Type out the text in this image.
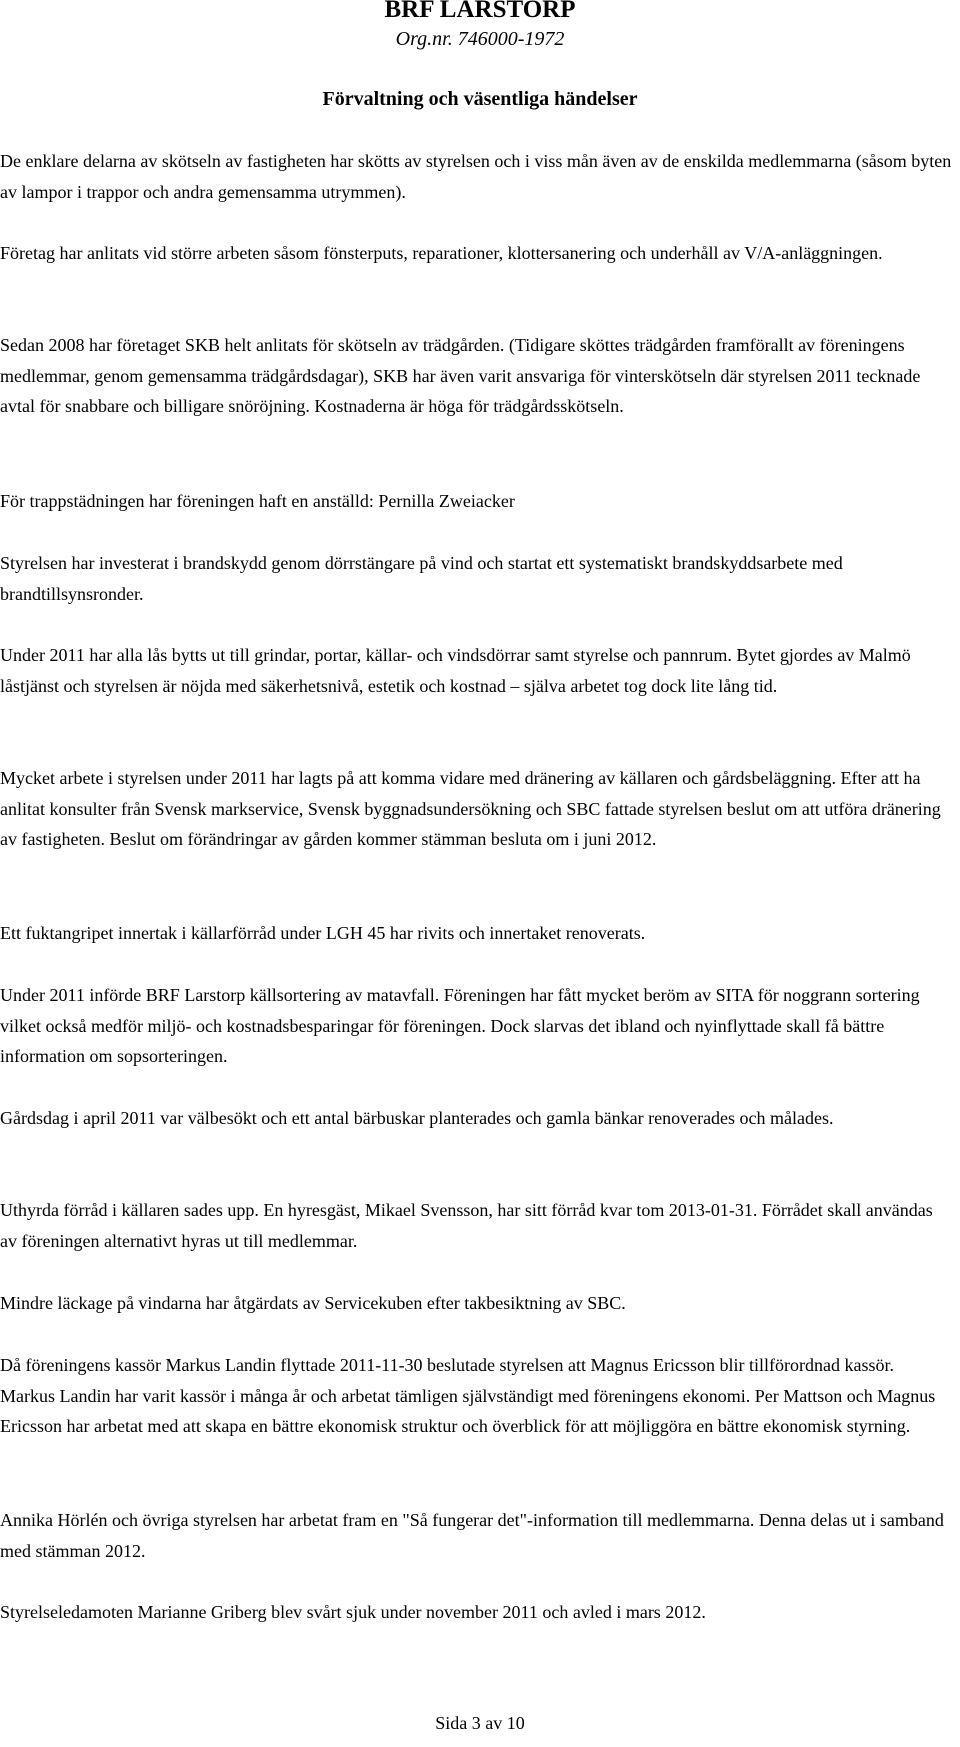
BRF LARSTORP
Org.nr. 746000-1972
Förvaltning och väsentliga händelser

De enklare delarna av skötseln av fastigheten har skötts av styrelsen och i viss mån även av de enskilda medlemmarna (såsom byten av lampor i trappor och andra gemensamma utrymmen).

Företag har anlitats vid större arbeten såsom fönsterputs, reparationer, klottersanering och underhåll av V/A-anläggningen.

Sedan 2008 har företaget SKB helt anlitats för skötseln av trädgården. (Tidigare sköttes trädgården framförallt av föreningens medlemmar, genom gemensamma trädgårdsdagar), SKB har även varit ansvariga för vinterskötseln där styrelsen 2011 tecknade avtal för snabbare och billigare snöröjning. Kostnaderna är höga för trädgårdsskötseln.

För trappstädningen har föreningen haft en anställd: Pernilla Zweiacker

Styrelsen har investerat i brandskydd genom dörrstängare på vind och startat ett systematiskt brandskyddsarbete med brandtillsynsronder.

Under 2011 har alla lås bytts ut till grindar, portar, källar- och vindsdörrar samt styrelse och pannrum. Bytet gjordes av Malmö låstjänst och styrelsen är nöjda med säkerhetsnivå, estetik och kostnad – själva arbetet tog dock lite lång tid.

Mycket arbete i styrelsen under 2011 har lagts på att komma vidare med dränering av källaren och gårdsbeläggning. Efter att ha anlitat konsulter från Svensk markservice, Svensk byggnadsundersökning och SBC fattade styrelsen beslut om att utföra dränering av fastigheten. Beslut om förändringar av gården kommer stämman besluta om i juni 2012.

Ett fuktangripet innertak i källarförråd under LGH 45 har rivits och innertaket renoverats.

Under 2011 införde BRF Larstorp källsortering av matavfall. Föreningen har fått mycket beröm av SITA för noggrann sortering vilket också medför miljö- och kostnadsbesparingar för föreningen. Dock slarvas det ibland och nyinflyttade skall få bättre information om sopsorteringen.

Gårdsdag i april 2011 var välbesökt och ett antal bärbuskar planterades och gamla bänkar renoverades och målades.

Uthyrda förråd i källaren sades upp. En hyresgäst, Mikael Svensson, har sitt förråd kvar tom 2013-01-31. Förrådet skall användas av föreningen alternativt hyras ut till medlemmar.

Mindre läckage på vindarna har åtgärdats av Servicekuben efter takbesiktning av SBC.

Då föreningens kassör Markus Landin flyttade 2011-11-30 beslutade styrelsen att Magnus Ericsson blir tillförordnad kassör. Markus Landin har varit kassör i många år och arbetat tämligen självständigt med föreningens ekonomi. Per Mattson och Magnus Ericsson har arbetat med att skapa en bättre ekonomisk struktur och överblick för att möjliggöra en bättre ekonomisk styrning.

Annika Hörlén och övriga styrelsen har arbetat fram en "Så fungerar det"-information till medlemmarna. Denna delas ut i samband med stämman 2012.

Styrelseledamoten Marianne Griberg blev svårt sjuk under november 2011 och avled i mars 2012.

Sida 3 av 10
